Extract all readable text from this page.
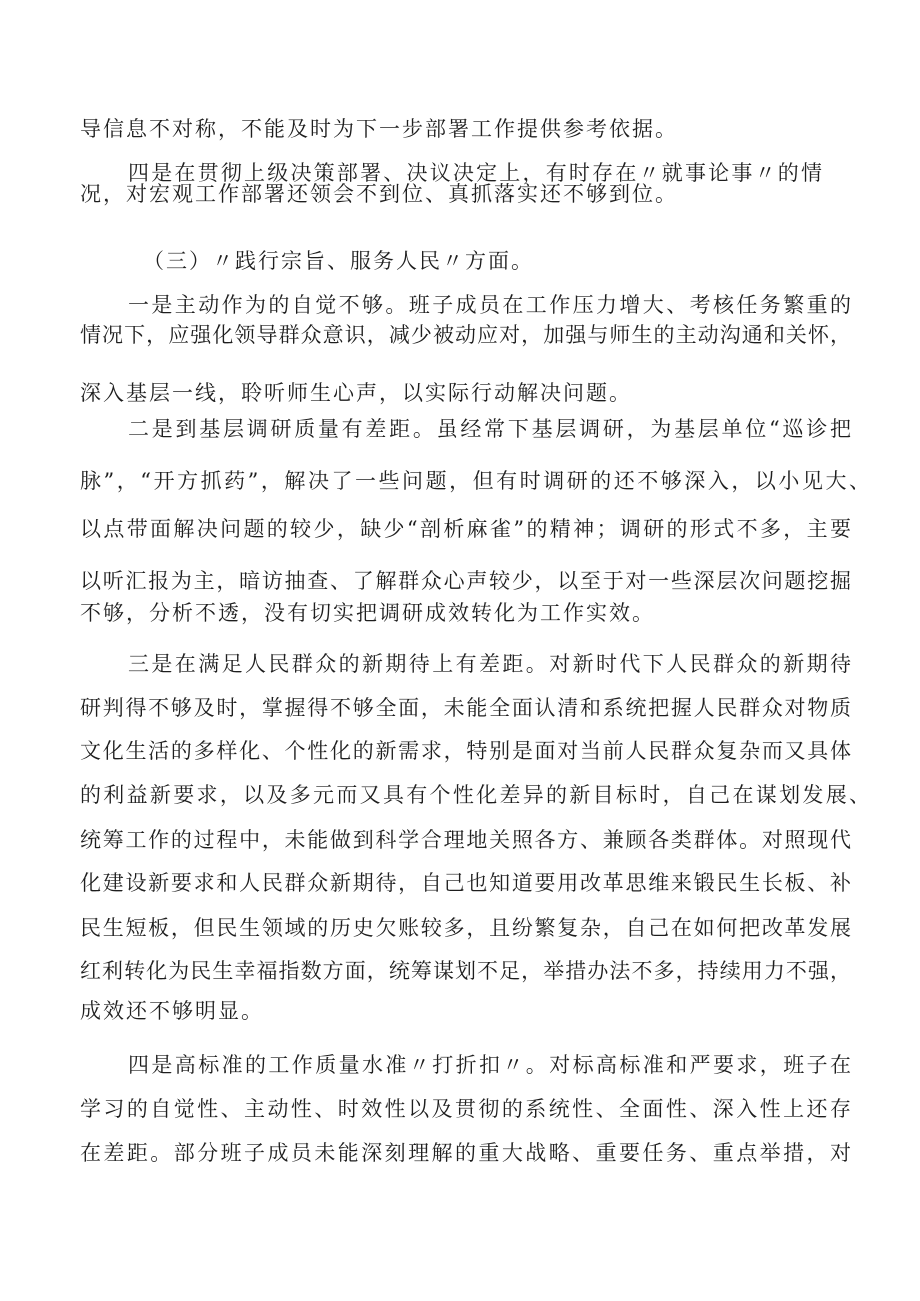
导信息不对称，不能及时为下一步部署工作提供参考依据。

四是在贯彻上级决策部署、决议决定上，有时存在〃就事论事〃的情

况，对宏观工作部署还领会不到位、真抓落实还不够到位。

（三）〃践行宗旨、服务人民〃方面。

一是主动作为的自觉不够。班子成员在工作压力增大、考核任务繁重的

情况下，应强化领导群众意识，减少被动应对，加强与师生的主动沟通和关怀，

深入基层一线，聆听师生心声，以实际行动解决问题。

二是到基层调研质量有差距。虽经常下基层调研，为基层单位“巡诊把

脉”，“开方抓药”，解决了一些问题，但有时调研的还不够深入，以小见大、

以点带面解决问题的较少，缺少“剖析麻雀”的精神；调研的形式不多，主要

以听汇报为主，暗访抽查、了解群众心声较少，以至于对一些深层次问题挖掘

不够，分析不透，没有切实把调研成效转化为工作实效。

三是在满足人民群众的新期待上有差距。对新时代下人民群众的新期待

研判得不够及时，掌握得不够全面，未能全面认清和系统把握人民群众对物质

文化生活的多样化、个性化的新需求，特别是面对当前人民群众复杂而又具体

的利益新要求，以及多元而又具有个性化差异的新目标时，自己在谋划发展、

统筹工作的过程中，未能做到科学合理地关照各方、兼顾各类群体。对照现代

化建设新要求和人民群众新期待，自己也知道要用改革思维来锻民生长板、补

民生短板，但民生领域的历史欠账较多，且纷繁复杂，自己在如何把改革发展

红利转化为民生幸福指数方面，统筹谋划不足，举措办法不多，持续用力不强，

成效还不够明显。

四是高标准的工作质量水准〃打折扣〃。对标高标准和严要求，班子在

学习的自觉性、主动性、时效性以及贯彻的系统性、全面性、深入性上还存

在差距。部分班子成员未能深刻理解的重大战略、重要任务、重点举措，对
